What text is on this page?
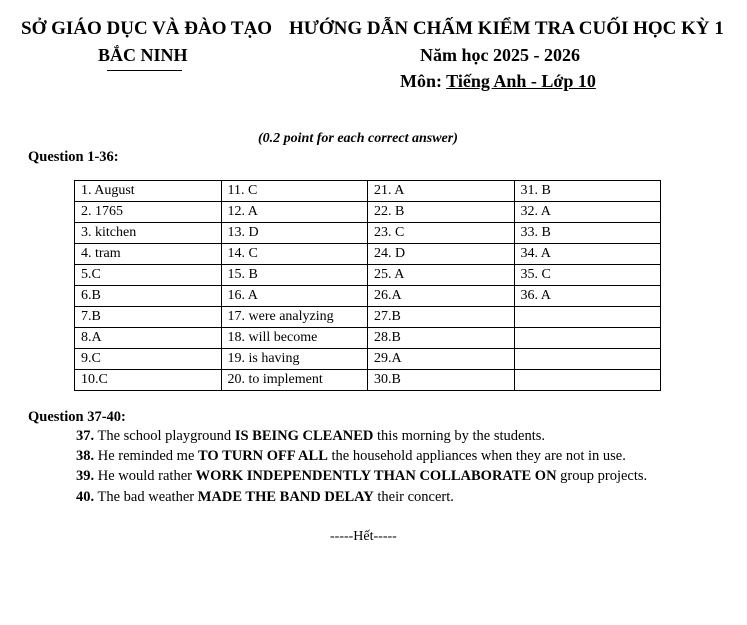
SỞ GIÁO DỤC VÀ ĐÀO TẠO
BẮC NINH
HƯỚNG DẪN CHẤM KIỂM TRA CUỐI HỌC KỲ 1
Năm học 2025 - 2026
Môn: Tiếng Anh - Lớp 10
(0.2 point for each correct answer)
Question 1-36:
1. August	11. C	21. A	31. B
2. 1765	12. A	22. B	32. A
3. kitchen	13. D	23. C	33. B
4. tram	14. C	24. D	34. A
5.C	15. B	25. A	35. C
6.B	16. A	26.A	36. A
7.B	17. were analyzing	27.B	
8.A	18. will become	28.B	
9.C	19. is having	29.A	
10.C	20. to implement	30.B	
Question 37-40:
37. The school playground IS BEING CLEANED this morning by the students.
38. He reminded me TO TURN OFF ALL the household appliances when they are not in use.
39. He would rather WORK INDEPENDENTLY THAN COLLABORATE ON group projects.
40. The bad weather MADE THE BAND DELAY their concert.
-----Hết-----
